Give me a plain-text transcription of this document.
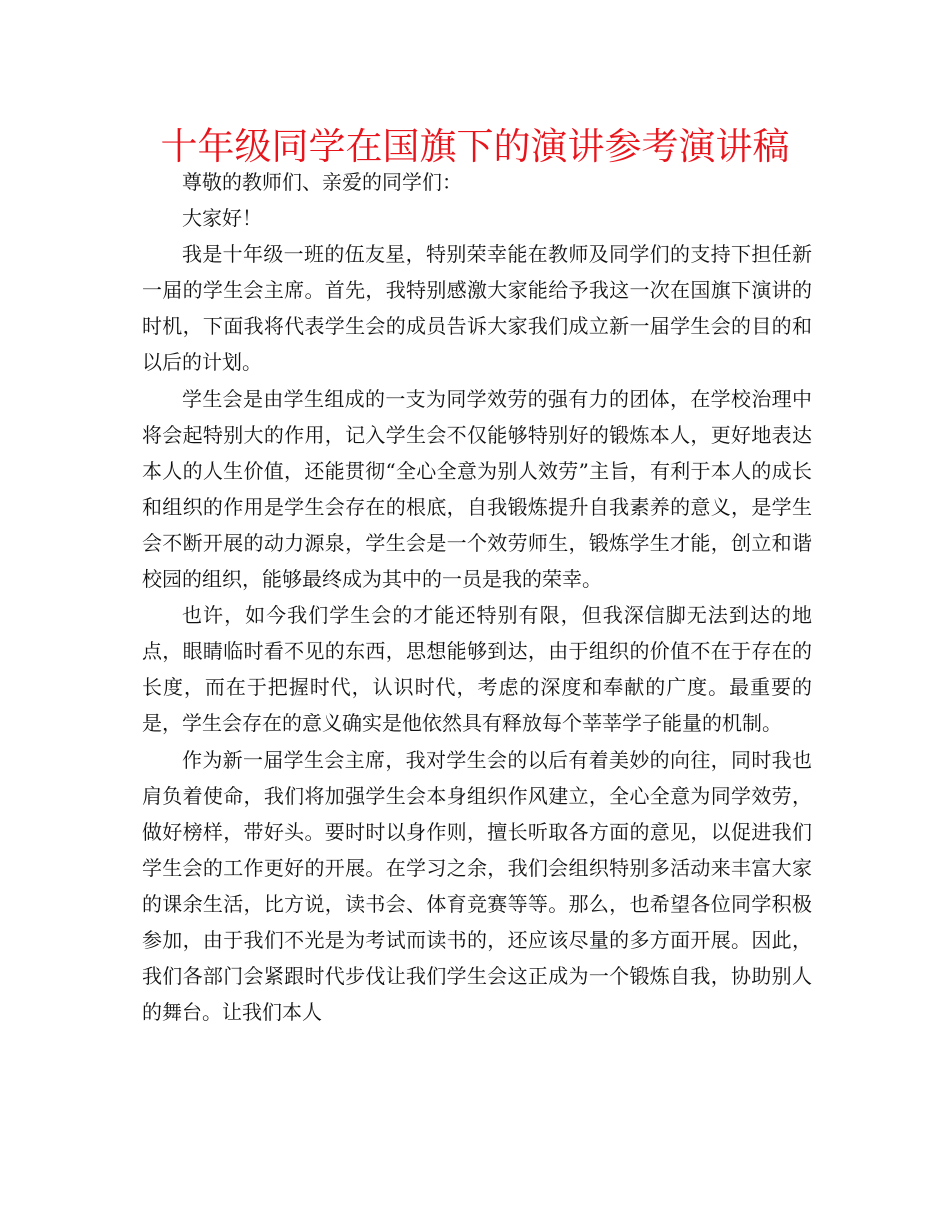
十年级同学在国旗下的演讲参考演讲稿

尊敬的教师们、亲爱的同学们：

大家好！

我是十年级一班的伍友星，特别荣幸能在教师及同学们的支持下担任新一届的学生会主席。首先，我特别感激大家能给予我这一次在国旗下演讲的时机，下面我将代表学生会的成员告诉大家我们成立新一届学生会的目的和以后的计划。

学生会是由学生组成的一支为同学效劳的强有力的团体，在学校治理中将会起特别大的作用，记入学生会不仅能够特别好的锻炼本人，更好地表达本人的人生价值，还能贯彻“全心全意为别人效劳”主旨，有利于本人的成长和组织的作用是学生会存在的根底，自我锻炼提升自我素养的意义，是学生会不断开展的动力源泉，学生会是一个效劳师生，锻炼学生才能，创立和谐校园的组织，能够最终成为其中的一员是我的荣幸。

也许，如今我们学生会的才能还特别有限，但我深信脚无法到达的地点，眼睛临时看不见的东西，思想能够到达，由于组织的价值不在于存在的长度，而在于把握时代，认识时代，考虑的深度和奉献的广度。最重要的是，学生会存在的意义确实是他依然具有释放每个莘莘学子能量的机制。

作为新一届学生会主席，我对学生会的以后有着美妙的向往，同时我也肩负着使命，我们将加强学生会本身组织作风建立，全心全意为同学效劳，做好榜样，带好头。要时时以身作则，擅长听取各方面的意见，以促进我们学生会的工作更好的开展。在学习之余，我们会组织特别多活动来丰富大家的课余生活，比方说，读书会、体育竞赛等等。那么，也希望各位同学积极参加，由于我们不光是为考试而读书的，还应该尽量的多方面开展。因此，我们各部门会紧跟时代步伐让我们学生会这正成为一个锻炼自我，协助别人的舞台。让我们本人
